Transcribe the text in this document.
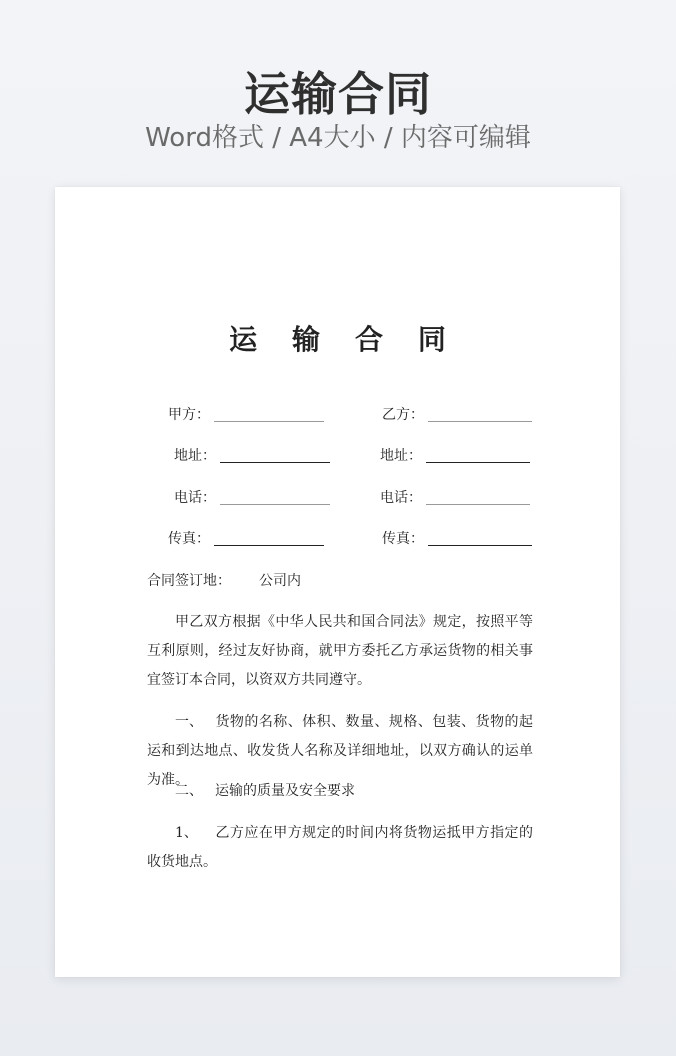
运输合同
Word格式 / A4大小 / 内容可编辑
运 输 合 同
甲方：	乙方：
地址：	地址：
电话：	电话：
传真：	传真：
合同签订地： 公司内
甲乙双方根据《中华人民共和国合同法》规定，按照平等互利原则，经过友好协商，就甲方委托乙方承运货物的相关事宜签订本合同，以资双方共同遵守。
一、 货物的名称、体积、数量、规格、包装、货物的起运和到达地点、收发货人名称及详细地址，以双方确认的运单为准。
二、 运输的质量及安全要求
1、 乙方应在甲方规定的时间内将货物运抵甲方指定的收货地点。
